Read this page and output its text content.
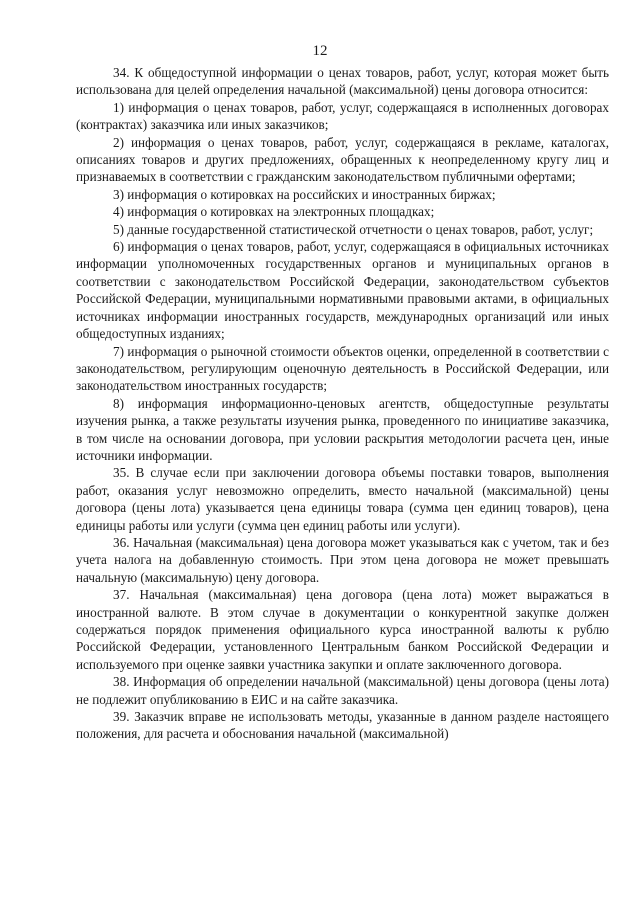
12

34. К общедоступной информации о ценах товаров, работ, услуг, которая может быть использована для целей определения начальной (максимальной) цены договора относится:

1) информация о ценах товаров, работ, услуг, содержащаяся в исполненных договорах (контрактах) заказчика или иных заказчиков;

2) информация о ценах товаров, работ, услуг, содержащаяся в рекламе, каталогах, описаниях товаров и других предложениях, обращенных к неопределенному кругу лиц и признаваемых в соответствии с гражданским законодательством публичными офертами;

3) информация о котировках на российских и иностранных биржах;

4) информация о котировках на электронных площадках;

5) данные государственной статистической отчетности о ценах товаров, работ, услуг;

6) информация о ценах товаров, работ, услуг, содержащаяся в официальных источниках информации уполномоченных государственных органов и муниципальных органов в соответствии с законодательством Российской Федерации, законодательством субъектов Российской Федерации, муниципальными нормативными правовыми актами, в официальных источниках информации иностранных государств, международных организаций или иных общедоступных изданиях;

7) информация о рыночной стоимости объектов оценки, определенной в соответствии с законодательством, регулирующим оценочную деятельность в Российской Федерации, или законодательством иностранных государств;

8) информация информационно-ценовых агентств, общедоступные результаты изучения рынка, а также результаты изучения рынка, проведенного по инициативе заказчика, в том числе на основании договора, при условии раскрытия методологии расчета цен, иные источники информации.

35. В случае если при заключении договора объемы поставки товаров, выполнения работ, оказания услуг невозможно определить, вместо начальной (максимальной) цены договора (цены лота) указывается цена единицы товара (сумма цен единиц товаров), цена единицы работы или услуги (сумма цен единиц работы или услуги).

36. Начальная (максимальная) цена договора может указываться как с учетом, так и без учета налога на добавленную стоимость. При этом цена договора не может превышать начальную (максимальную) цену договора.

37. Начальная (максимальная) цена договора (цена лота) может выражаться в иностранной валюте. В этом случае в документации о конкурентной закупке должен содержаться порядок применения официального курса иностранной валюты к рублю Российской Федерации, установленного Центральным банком Российской Федерации и используемого при оценке заявки участника закупки и оплате заключенного договора.

38. Информация об определении начальной (максимальной) цены договора (цены лота) не подлежит опубликованию в ЕИС и на сайте заказчика.

39. Заказчик вправе не использовать методы, указанные в данном разделе настоящего положения, для расчета и обоснования начальной (максимальной)
